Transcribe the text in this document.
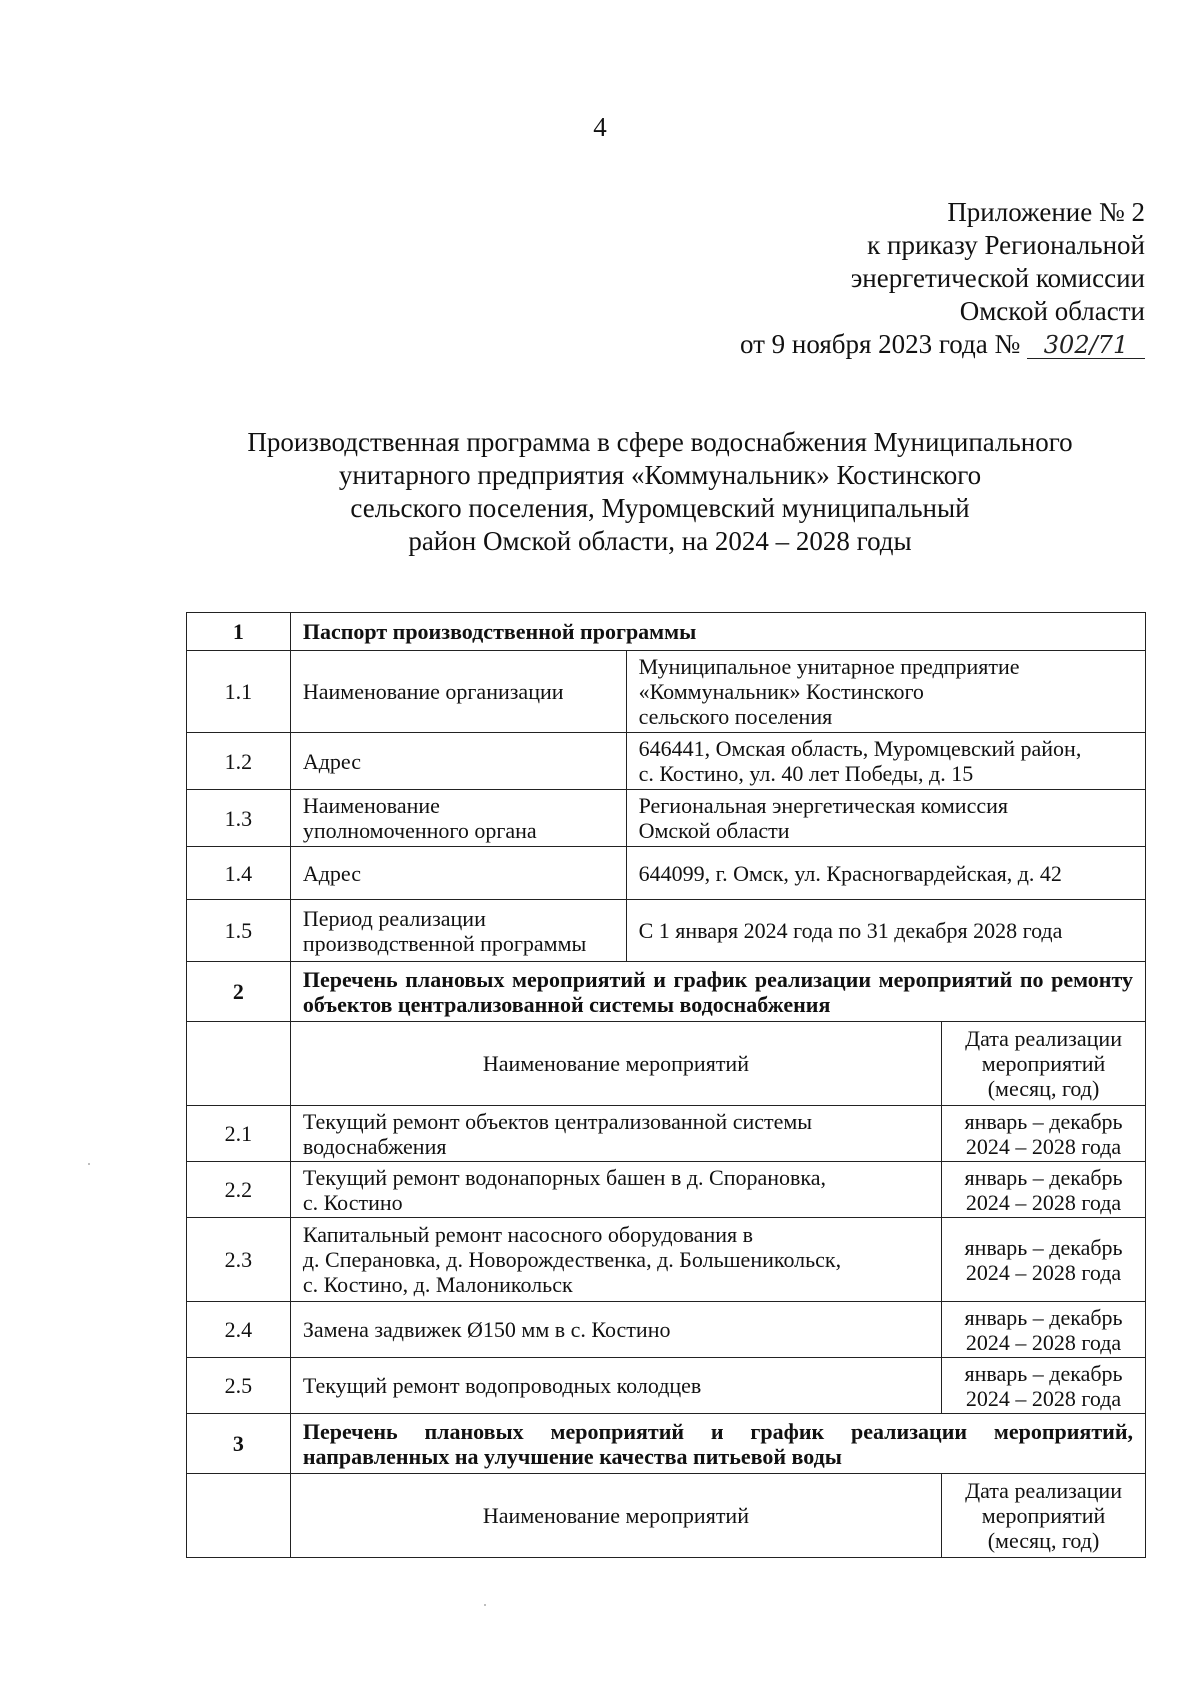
4
Приложение № 2
к приказу Региональной
энергетической комиссии
Омской области
от 9 ноября 2023 года № 302/71
Производственная программа в сфере водоснабжения Муниципального
унитарного предприятия «Коммунальник» Костинского
сельского поселения, Муромцевский муниципальный
район Омской области, на 2024 – 2028 годы
1	Паспорт производственной программы		
1.1	Наименование организации	Муниципальное унитарное предприятие
«Коммунальник» Костинского
сельского поселения	

1.2	Адрес	646441, Омская область, Муромцевский район,
с. Костино, ул. 40 лет Победы, д. 15	

1.3	Наименование
уполномоченного органа	Региональная энергетическая комиссия
Омской области	

1.4	Адрес	644099, г. Омск, ул. Красногвардейская, д. 42	

1.5	Период реализации
производственной программы	С 1 января 2024 года по 31 декабря 2028 года	

2	Перечень плановых мероприятий и график реализации мероприятий по ремонту объектов централизованной системы водоснабжения		
	Наименование мероприятий		Дата реализации
мероприятий
(месяц, год)

2.1	Текущий ремонт объектов централизованной системы
водоснабжения		январь – декабрь
2024 – 2028 года

2.2	Текущий ремонт водонапорных башен в д. Спорановка,
с. Костино		январь – декабрь
2024 – 2028 года

2.3	Капитальный ремонт насосного оборудования в
д. Сперановка, д. Новорождественка, д. Большеникольск,
с. Костино, д. Малоникольск		январь – декабрь
2024 – 2028 года

2.4	Замена задвижек Ø150 мм в с. Костино		январь – декабрь
2024 – 2028 года

2.5	Текущий ремонт водопроводных колодцев		январь – декабрь
2024 – 2028 года

3	Перечень плановых мероприятий и график реализации мероприятий, направленных на улучшение качества питьевой воды		
	Наименование мероприятий		Дата реализации
мероприятий
(месяц, год)
